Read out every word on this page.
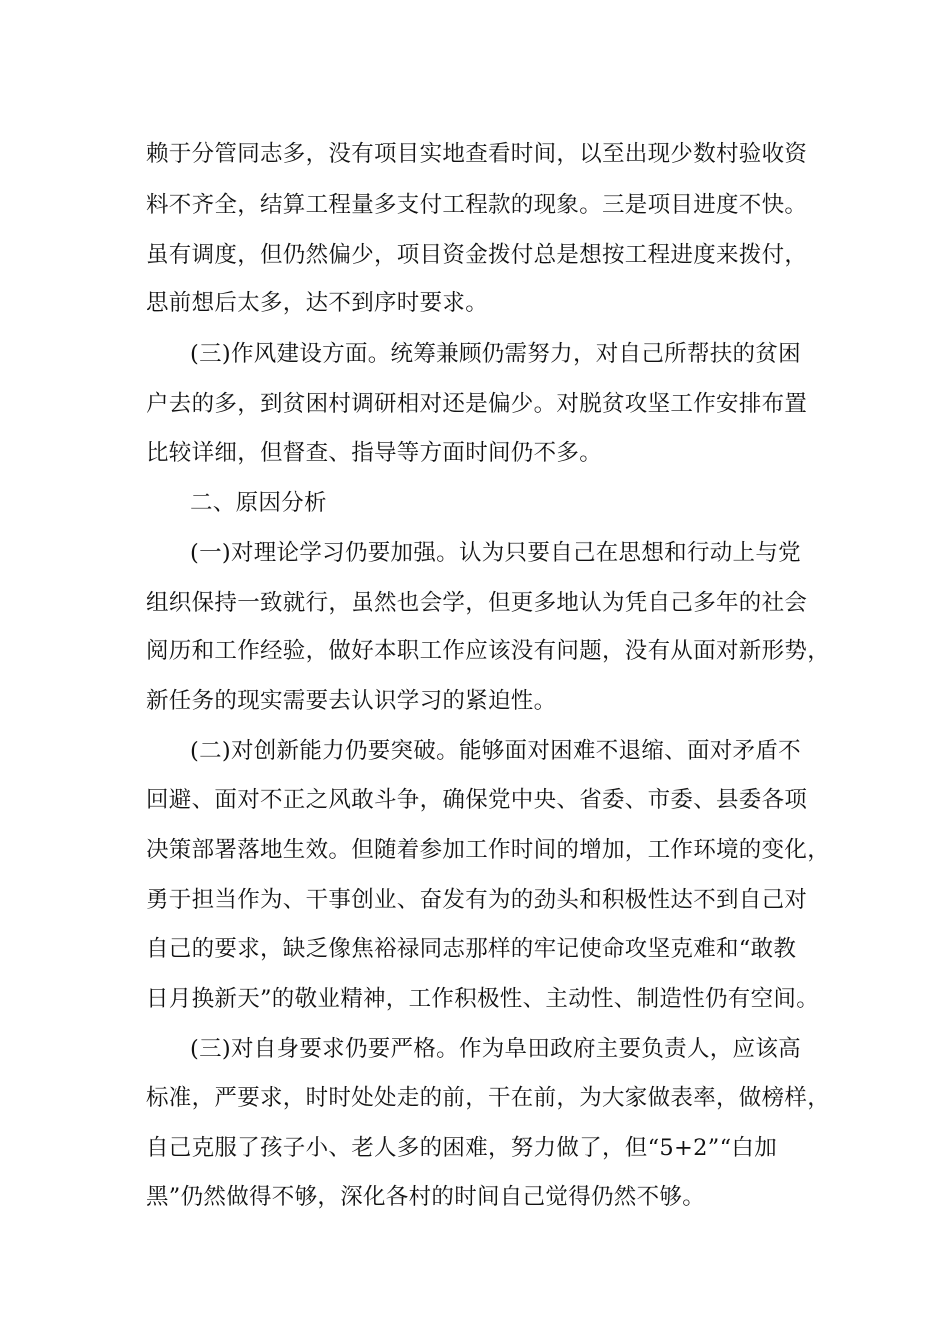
赖于分管同志多，没有项目实地查看时间，以至出现少数村验收资

料不齐全，结算工程量多支付工程款的现象。三是项目进度不快。

虽有调度，但仍然偏少，项目资金拨付总是想按工程进度来拨付，

思前想后太多，达不到序时要求。

(三)作风建设方面。统筹兼顾仍需努力，对自己所帮扶的贫困

户去的多，到贫困村调研相对还是偏少。对脱贫攻坚工作安排布置

比较详细，但督查、指导等方面时间仍不多。

二、原因分析

(一)对理论学习仍要加强。认为只要自己在思想和行动上与党

组织保持一致就行，虽然也会学，但更多地认为凭自己多年的社会

阅历和工作经验，做好本职工作应该没有问题，没有从面对新形势，

新任务的现实需要去认识学习的紧迫性。

(二)对创新能力仍要突破。能够面对困难不退缩、面对矛盾不

回避、面对不正之风敢斗争，确保党中央、省委、市委、县委各项

决策部署落地生效。但随着参加工作时间的增加，工作环境的变化，

勇于担当作为、干事创业、奋发有为的劲头和积极性达不到自己对

自己的要求，缺乏像焦裕禄同志那样的牢记使命攻坚克难和“敢教

日月换新天”的敬业精神，工作积极性、主动性、制造性仍有空间。

(三)对自身要求仍要严格。作为阜田政府主要负责人，应该高

标准，严要求，时时处处走的前，干在前，为大家做表率，做榜样，

自己克服了孩子小、老人多的困难，努力做了，但“5+2”“白加

黑”仍然做得不够，深化各村的时间自己觉得仍然不够。
